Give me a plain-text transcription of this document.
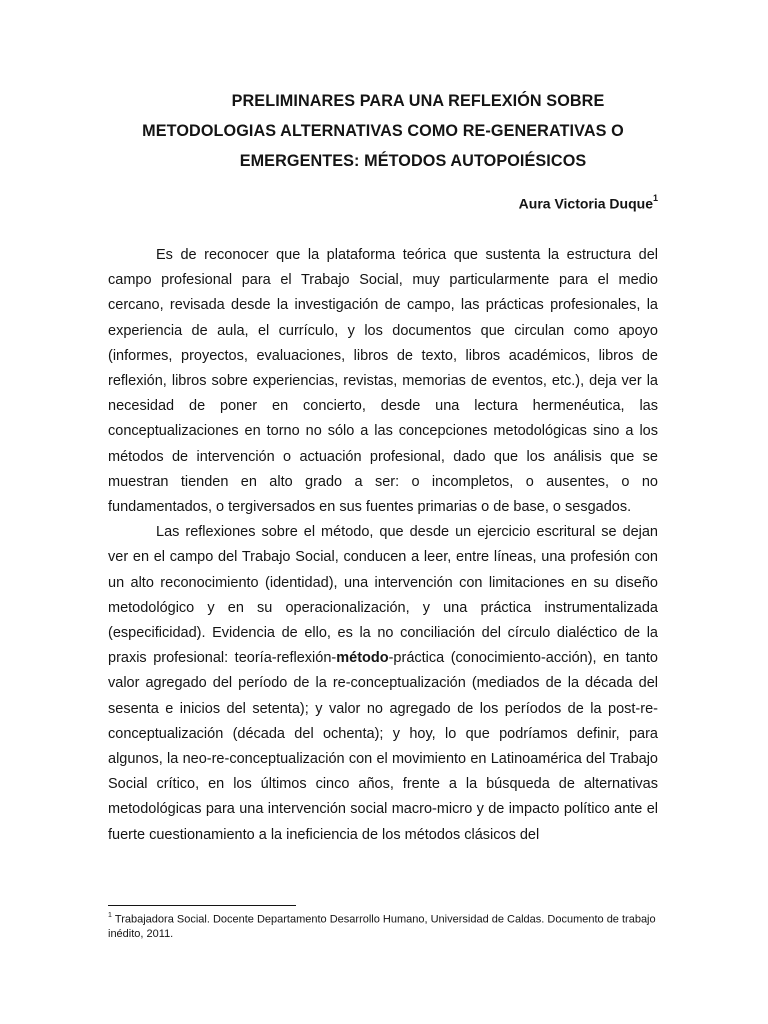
PRELIMINARES PARA UNA REFLEXIÓN SOBRE
METODOLOGIAS ALTERNATIVAS COMO RE-GENERATIVAS O
EMERGENTES: MÉTODOS AUTOPOIÉSICOS
Aura Victoria Duque$^1$

Es de reconocer que la plataforma teórica que sustenta la estructura del campo profesional para el Trabajo Social, muy particularmente para el medio cercano, revisada desde la investigación de campo, las prácticas profesionales, la experiencia de aula, el currículo, y los documentos que circulan como apoyo (informes, proyectos, evaluaciones, libros de texto, libros académicos, libros de reflexión, libros sobre experiencias, revistas, memorias de eventos, etc.), deja ver la necesidad de poner en concierto, desde una lectura hermenéutica, las conceptualizaciones en torno no sólo a las concepciones metodológicas sino a los métodos de intervención o actuación profesional, dado que los análisis que se muestran tienden en alto grado a ser: o incompletos, o ausentes, o no fundamentados, o tergiversados en sus fuentes primarias o de base, o sesgados.

Las reflexiones sobre el método, que desde un ejercicio escritural se dejan ver en el campo del Trabajo Social, conducen a leer, entre líneas, una profesión con un alto reconocimiento (identidad), una intervención con limitaciones en su diseño metodológico y en su operacionalización, y una práctica instrumentalizada (especificidad). Evidencia de ello, es la no conciliación del círculo dialéctico de la praxis profesional: teoría-reflexión-método-práctica (conocimiento-acción), en tanto valor agregado del período de la re-conceptualización (mediados de la década del sesenta e inicios del setenta); y valor no agregado de los períodos de la post-re-conceptualización (década del ochenta); y hoy, lo que podríamos definir, para algunos, la neo-re-conceptualización con el movimiento en Latinoamérica del Trabajo Social crítico, en los últimos cinco años, frente a la búsqueda de alternativas metodológicas para una intervención social macro-micro y de impacto político ante el fuerte cuestionamiento a la ineficiencia de los métodos clásicos del

$^1$ Trabajadora Social. Docente Departamento Desarrollo Humano, Universidad de Caldas. Documento de trabajo inédito, 2011.
